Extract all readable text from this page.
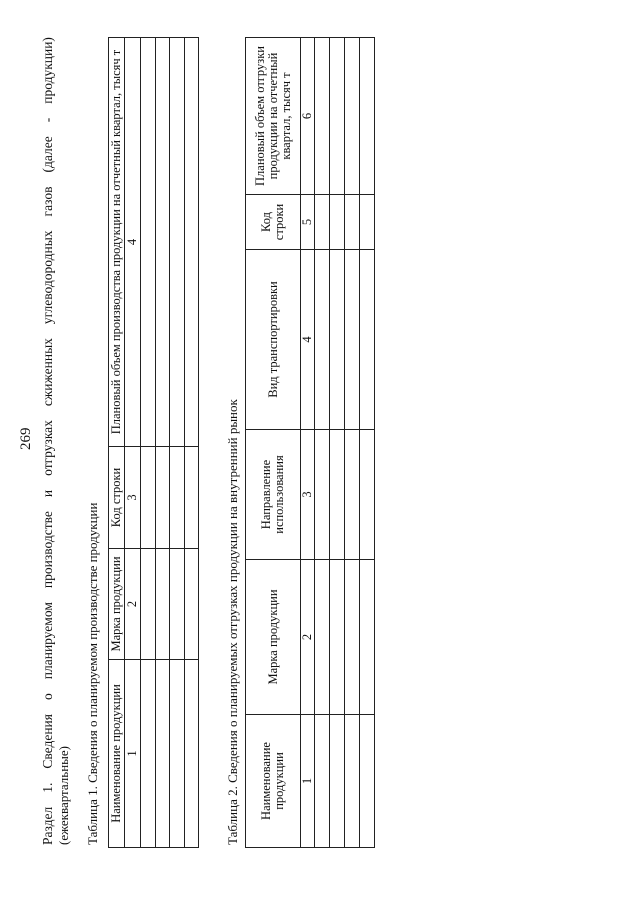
269
Раздел
1.
Сведения
о
планируемом
производстве
и
отгрузках
сжиженных
углеводородных
газов
(далее
-
продукции)
(ежеквартальные) Таблица 1. Сведения о планируемом производстве продукции Наименование продукции	Марка продукции	Код строки	Плановый объем производства продукции на отчетный квартал, тысяч т
1	2	3	4

Таблица 2. Сведения о планируемых отгрузках продукции на внутренний рынок Наименование продукции	Марка продукции	Направление использования	Вид транспортировки	Код строки	Плановый объем отгрузки продукции на отчетный квартал, тысяч т
1	2	3	4	5	6
